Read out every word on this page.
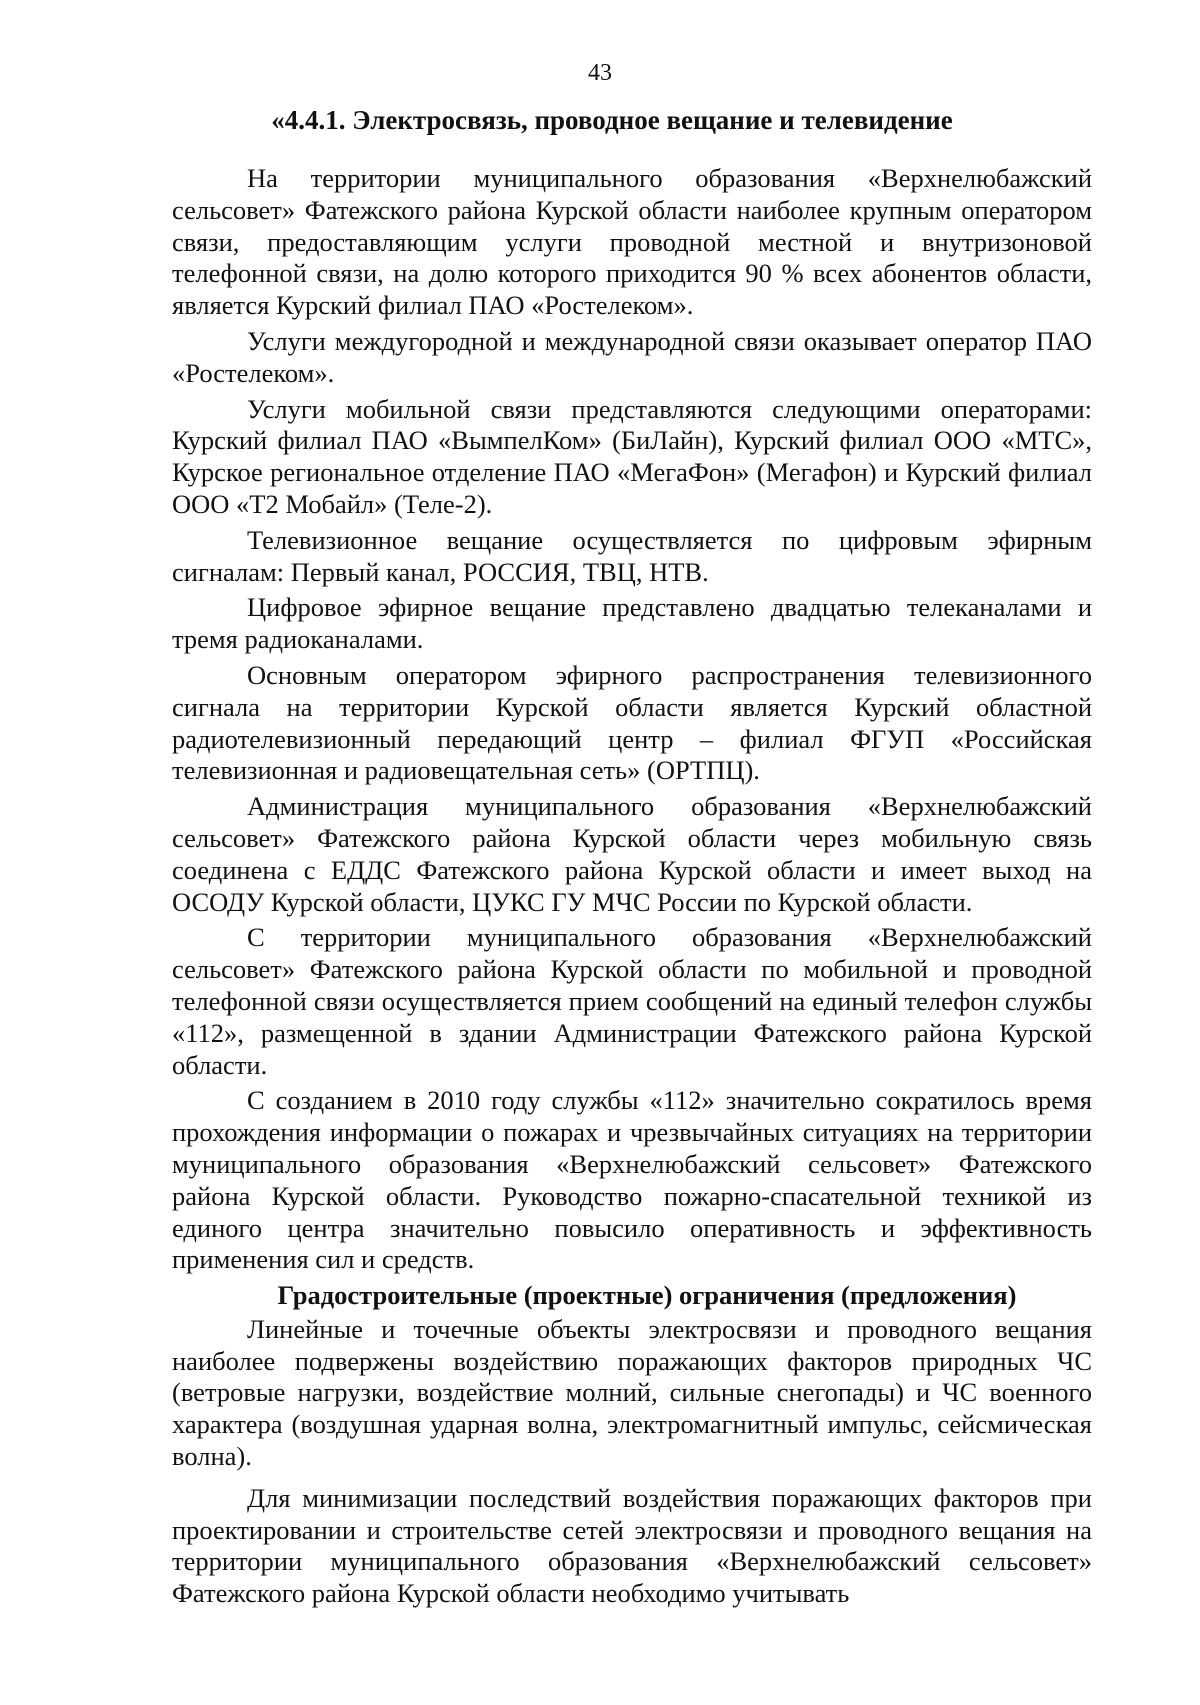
43
«4.4.1. Электросвязь, проводное вещание и телевидение

На территории муниципального образования «Верхнелюбажский сельсовет» Фатежского района Курской области наиболее крупным оператором связи, предоставляющим услуги проводной местной и внутризоновой телефонной связи, на долю которого приходится 90 % всех абонентов области, является Курский филиал ПАО «Ростелеком».

Услуги междугородной и международной связи оказывает оператор ПАО «Ростелеком».

Услуги мобильной связи представляются следующими операторами: Курский филиал ПАО «ВымпелКом» (БиЛайн), Курский филиал ООО «МТС», Курское региональное отделение ПАО «МегаФон» (Мегафон) и Курский филиал ООО «Т2 Мобайл» (Теле-2).

Телевизионное вещание осуществляется по цифровым эфирным сигналам: Первый канал, РОССИЯ, ТВЦ, НТВ.

Цифровое эфирное вещание представлено двадцатью телеканалами и тремя радиоканалами.

Основным оператором эфирного распространения телевизионного сигнала на территории Курской области является Курский областной радиотелевизионный передающий центр – филиал ФГУП «Российская телевизионная и радиовещательная сеть» (ОРТПЦ).

Администрация муниципального образования «Верхнелюбажский сельсовет» Фатежского района Курской области через мобильную связь соединена с ЕДДС Фатежского района Курской области и имеет выход на ОСОДУ Курской области, ЦУКС ГУ МЧС России по Курской области.

С территории муниципального образования «Верхнелюбажский сельсовет» Фатежского района Курской области по мобильной и проводной телефонной связи осуществляется прием сообщений на единый телефон службы «112», размещенной в здании Администрации Фатежского района Курской области.

С созданием в 2010 году службы «112» значительно сократилось время прохождения информации о пожарах и чрезвычайных ситуациях на территории муниципального образования «Верхнелюбажский сельсовет» Фатежского района Курской области. Руководство пожарно-спасательной техникой из единого центра значительно повысило оперативность и эффективность применения сил и средств.

Градостроительные (проектные) ограничения (предложения)

Линейные и точечные объекты электросвязи и проводного вещания наиболее подвержены воздействию поражающих факторов природных ЧС (ветровые нагрузки, воздействие молний, сильные снегопады) и ЧС военного характера (воздушная ударная волна, электромагнитный импульс, сейсмическая волна).

Для минимизации последствий воздействия поражающих факторов при проектировании и строительстве сетей электросвязи и проводного вещания на территории муниципального образования «Верхнелюбажский сельсовет» Фатежского района Курской области необходимо учитывать
